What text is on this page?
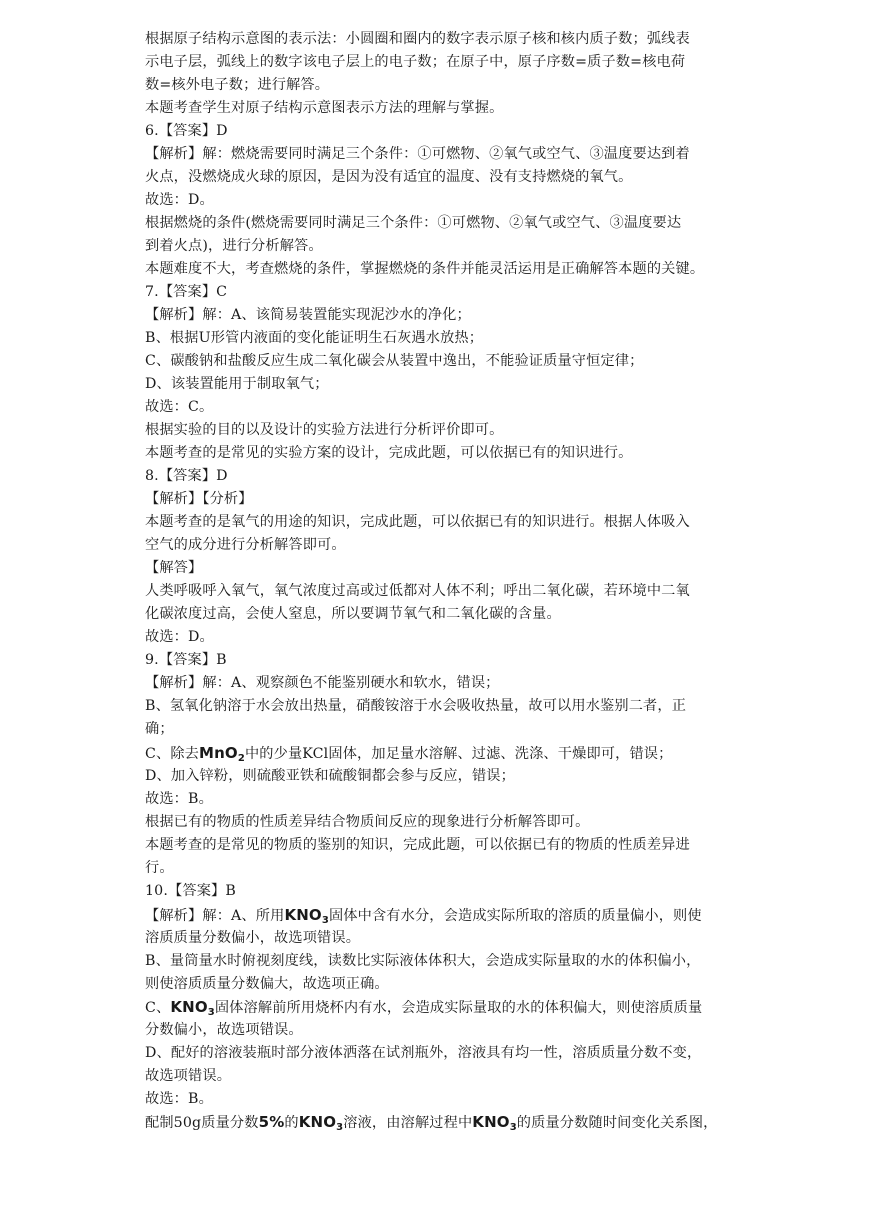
根据原子结构示意图的表示法：小圆圈和圈内的数字表示原子核和核内质子数；弧线表
示电子层，弧线上的数字该电子层上的电子数；在原子中，原子序数=质子数=核电荷
数=核外电子数；进行解答。
本题考查学生对原子结构示意图表示方法的理解与掌握。
6.【答案】D
【解析】解：燃烧需要同时满足三个条件：①可燃物、②氧气或空气、③温度要达到着
火点，没燃烧成火球的原因，是因为没有适宜的温度、没有支持燃烧的氧气。
故选：D。
根据燃烧的条件(燃烧需要同时满足三个条件：①可燃物、②氧气或空气、③温度要达
到着火点)，进行分析解答。
本题难度不大，考查燃烧的条件，掌握燃烧的条件并能灵活运用是正确解答本题的关键。
7.【答案】C
【解析】解：A、该简易装置能实现泥沙水的净化；
B、根据U形管内液面的变化能证明生石灰遇水放热；
C、碳酸钠和盐酸反应生成二氧化碳会从装置中逸出，不能验证质量守恒定律；
D、该装置能用于制取氧气；
故选：C。
根据实验的目的以及设计的实验方法进行分析评价即可。
本题考查的是常见的实验方案的设计，完成此题，可以依据已有的知识进行。
8.【答案】D
【解析】【分析】
本题考查的是氧气的用途的知识，完成此题，可以依据已有的知识进行。根据人体吸入
空气的成分进行分析解答即可。
【解答】
人类呼吸呼入氧气，氧气浓度过高或过低都对人体不利；呼出二氧化碳，若环境中二氧
化碳浓度过高，会使人窒息，所以要调节氧气和二氧化碳的含量。
故选：D。
9.【答案】B
【解析】解：A、观察颜色不能鉴别硬水和软水，错误；
B、氢氧化钠溶于水会放出热量，硝酸铵溶于水会吸收热量，故可以用水鉴别二者，正
确；
C、除去MnO$_2$中的少量KCl固体，加足量水溶解、过滤、洗涤、干燥即可，错误；
D、加入锌粉，则硫酸亚铁和硫酸铜都会参与反应，错误；
故选：B。
根据已有的物质的性质差异结合物质间反应的现象进行分析解答即可。
本题考查的是常见的物质的鉴别的知识，完成此题，可以依据已有的物质的性质差异进
行。
10.【答案】B
【解析】解：A、所用$KNO_3$固体中含有水分，会造成实际所取的溶质的质量偏小，则使
溶质质量分数偏小，故选项错误。
B、量筒量水时俯视刻度线，读数比实际液体体积大，会造成实际量取的水的体积偏小，
则使溶质质量分数偏大，故选项正确。
C、$KNO_3$固体溶解前所用烧杯内有水，会造成实际量取的水的体积偏大，则使溶质质量
分数偏小，故选项错误。
D、配好的溶液装瓶时部分液体洒落在试剂瓶外，溶液具有均一性，溶质质量分数不变，
故选项错误。
故选：B。
配制50g质量分数5%的$KNO_3$溶液，由溶解过程中$KNO_3$的质量分数随时间变化关系图，
